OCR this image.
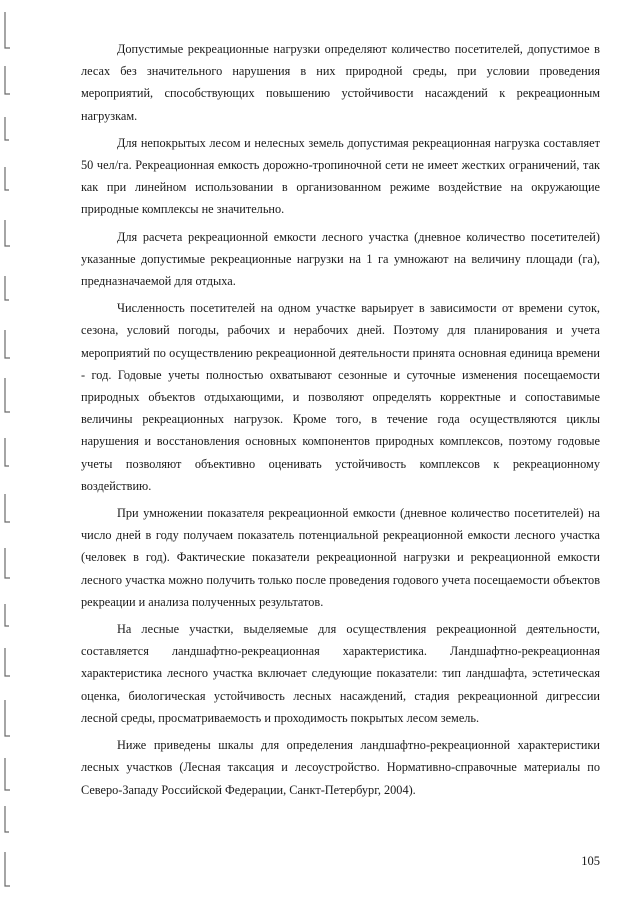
Допустимые рекреационные нагрузки определяют количество посетителей, допустимое в лесах без значительного нарушения в них природной среды, при условии проведения мероприятий, способствующих повышению устойчивости насаждений к рекреационным нагрузкам.

Для непокрытых лесом и нелесных земель допустимая рекреационная нагрузка составляет 50 чел/га. Рекреационная емкость дорожно-тропиночной сети не имеет жестких ограничений, так как при линейном использовании в организованном режиме воздействие на окружающие природные комплексы не значительно.

Для расчета рекреационной емкости лесного участка (дневное количество посетителей) указанные допустимые рекреационные нагрузки на 1 га умножают на величину площади (га), предназначаемой для отдыха.

Численность посетителей на одном участке варьирует в зависимости от времени суток, сезона, условий погоды, рабочих и нерабочих дней. Поэтому для планирования и учета мероприятий по осуществлению рекреационной деятельности принята основная единица времени - год. Годовые учеты полностью охватывают сезонные и суточные изменения посещаемости природных объектов отдыхающими, и позволяют определять корректные и сопоставимые величины рекреационных нагрузок. Кроме того, в течение года осуществляются циклы нарушения и восстановления основных компонентов природных комплексов, поэтому годовые учеты позволяют объективно оценивать устойчивость комплексов к рекреационному воздействию.

При умножении показателя рекреационной емкости (дневное количество посетителей) на число дней в году получаем показатель потенциальной рекреационной емкости лесного участка (человек в год). Фактические показатели рекреационной нагрузки и рекреационной емкости лесного участка можно получить только после проведения годового учета посещаемости объектов рекреации и анализа полученных результатов.

На лесные участки, выделяемые для осуществления рекреационной деятельности, составляется ландшафтно-рекреационная характеристика. Ландшафтно-рекреационная характеристика лесного участка включает следующие показатели: тип ландшафта, эстетическая оценка, биологическая устойчивость лесных насаждений, стадия рекреационной дигрессии лесной среды, просматриваемость и проходимость покрытых лесом земель.

Ниже приведены шкалы для определения ландшафтно-рекреационной характеристики лесных участков (Лесная таксация и лесоустройство. Нормативно-справочные материалы по Северо-Западу Российской Федерации, Санкт-Петербург, 2004).

105
